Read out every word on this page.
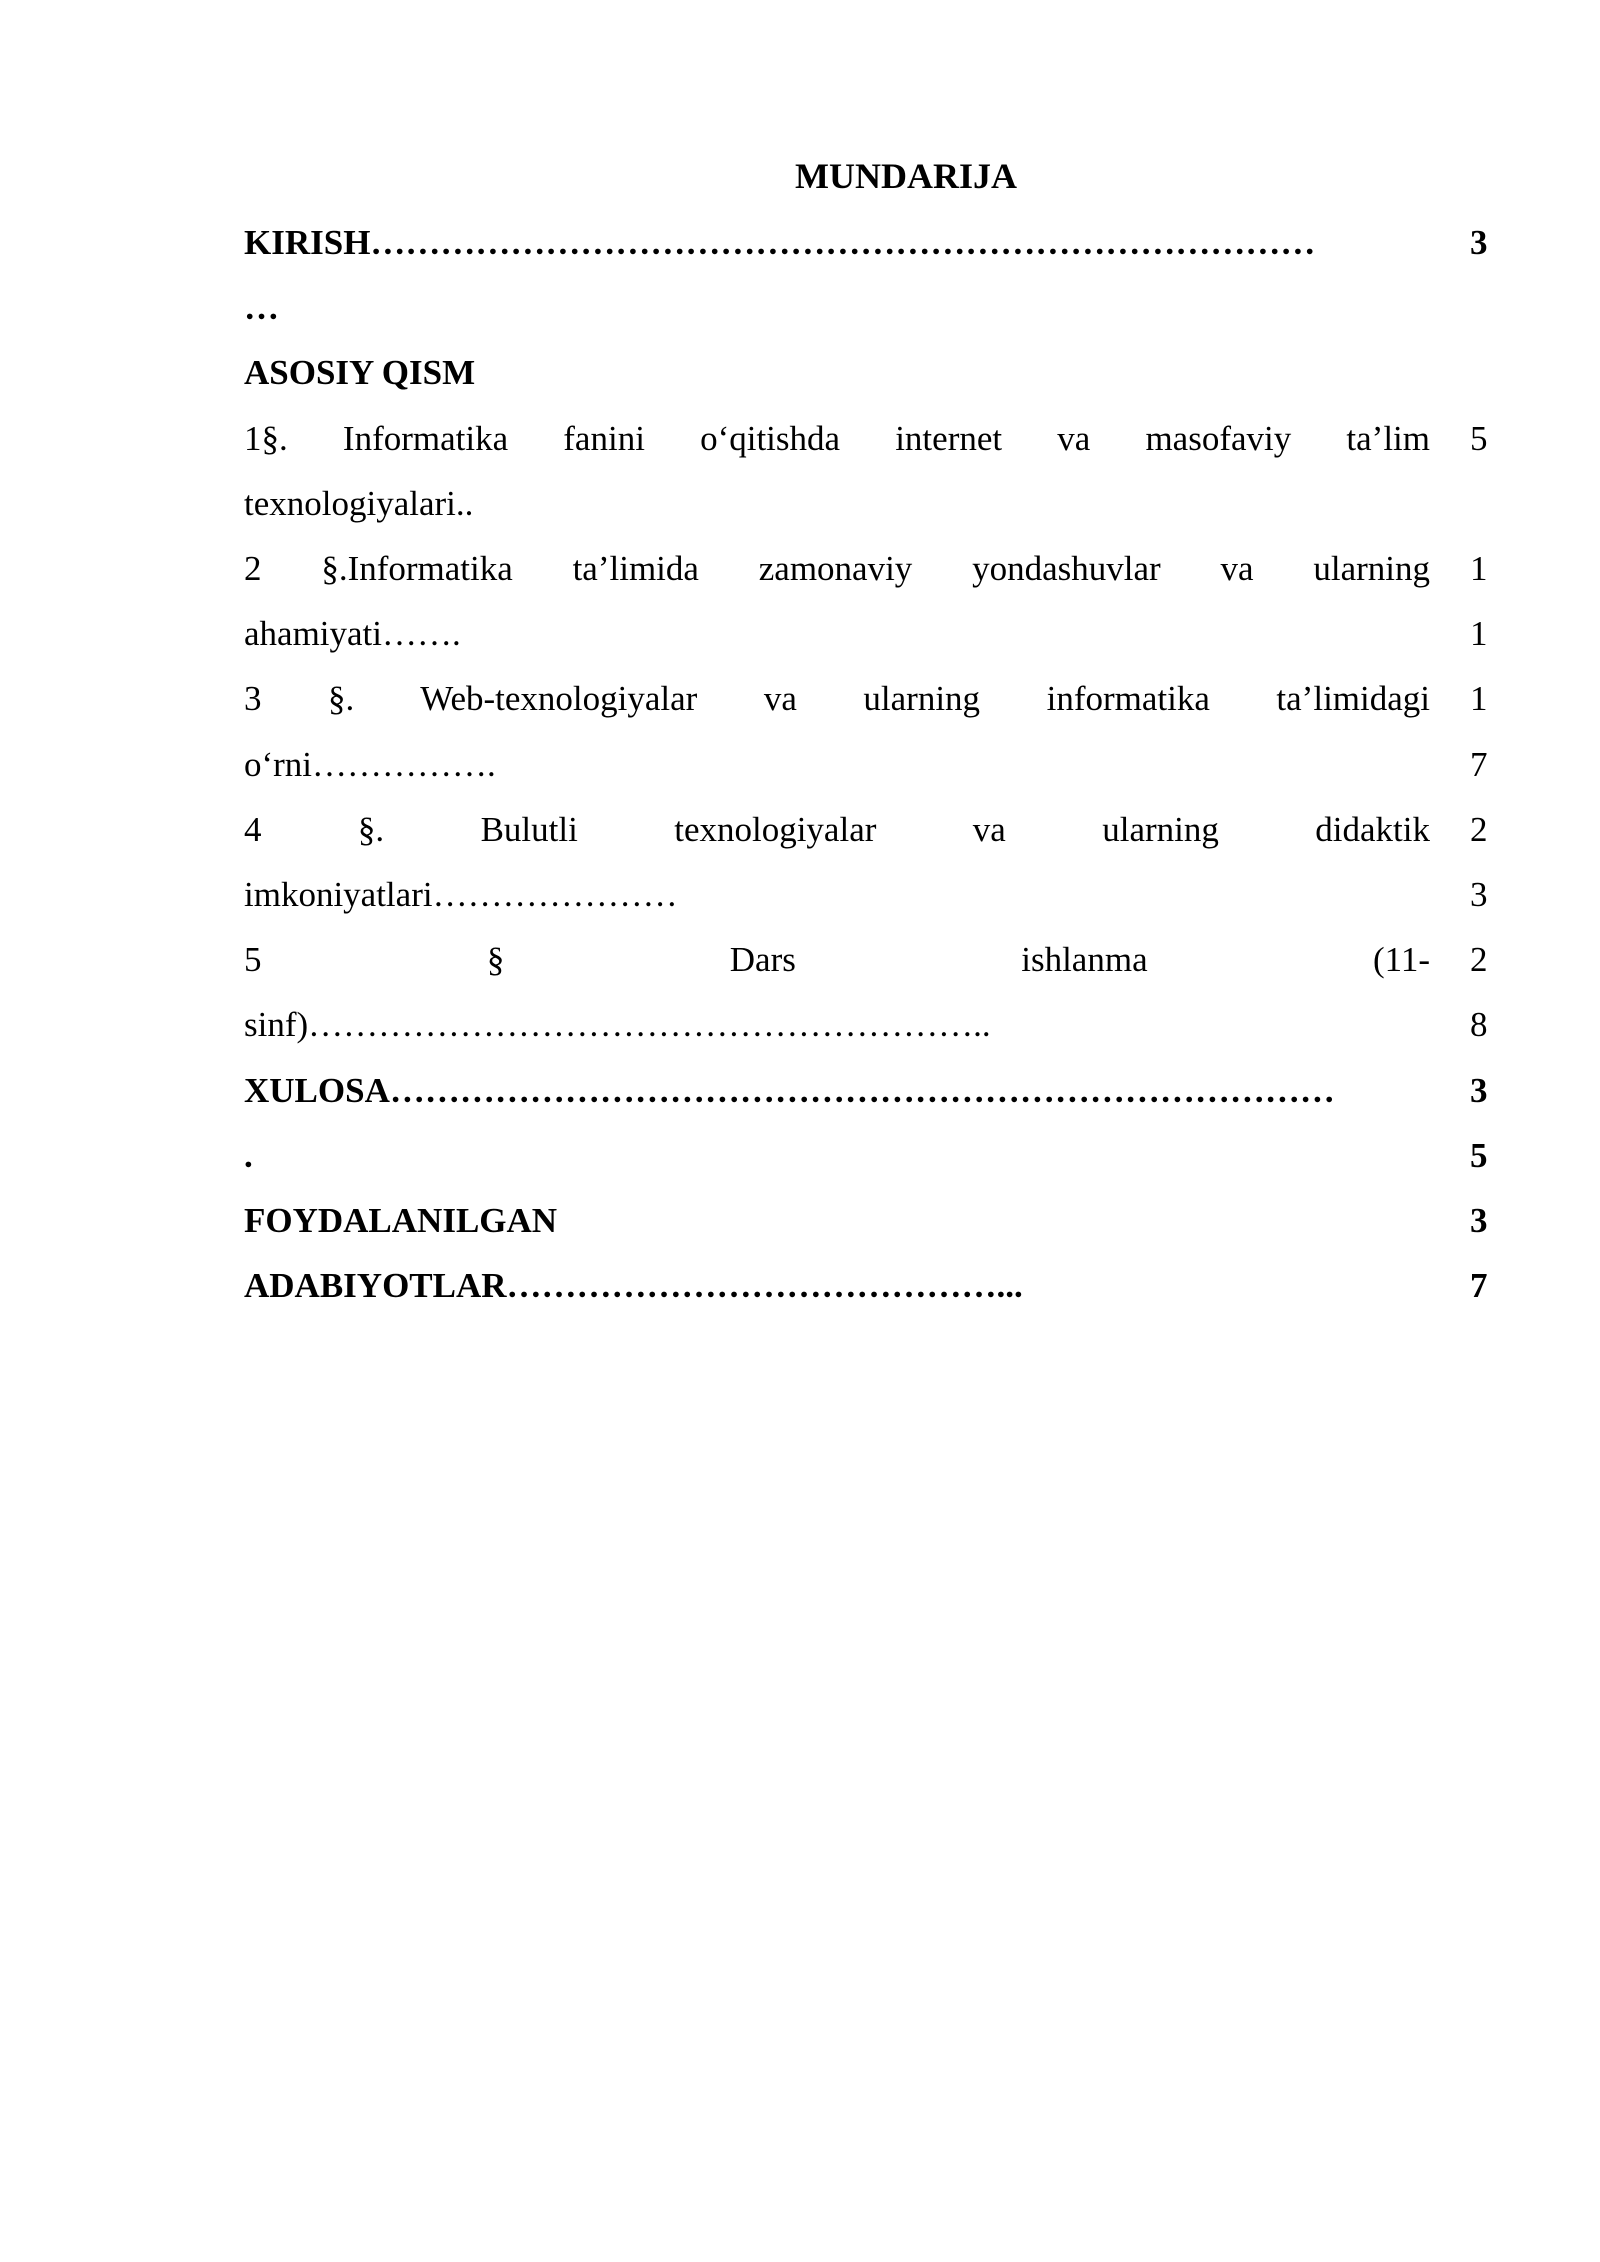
MUNDARIJA
KIRISH………………………………………………………………………
…
3
ASOSIY QISM
1§. Informatika fanini o‘qitishda internet va masofaviy ta’lim
texnologiyalari..
5
2 §.Informatika ta’limida zamonaviy yondashuvlar va ularning
ahamiyati…….
11
3 §. Web-texnologiyalar va ularning informatika ta’limidagi
o‘rni…………….
1
7
4 §. Bulutli texnologiyalar va ularning didaktik
imkoniyatlari…………………
2
3
5 § Dars ishlanma (11-
sinf)…………………………………………………..
2
8
XULOSA………………………………………………………………………
.
3
5
FOYDALANILGAN
ADABIYOTLAR……………………………………...
3
7
